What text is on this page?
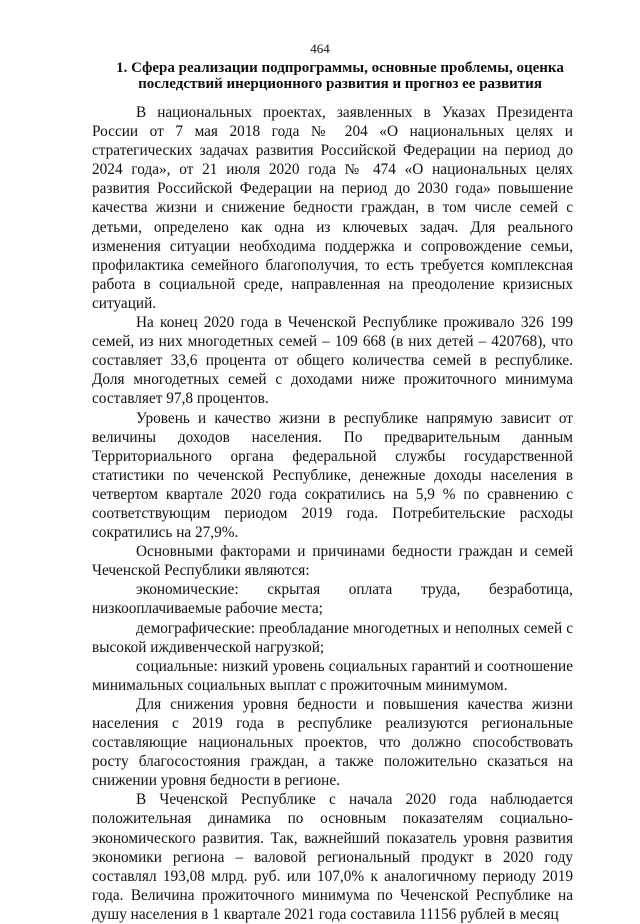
464
1. Сфера реализации подпрограммы, основные проблемы, оценка последствий инерционного развития и прогноз ее развития

В национальных проектах, заявленных в Указах Президента России от 7 мая 2018 года № 204 «О национальных целях и стратегических задачах развития Российской Федерации на период до 2024 года», от 21 июля 2020 года № 474 «О национальных целях развития Российской Федерации на период до 2030 года» повышение качества жизни и снижение бедности граждан, в том числе семей с детьми, определено как одна из ключевых задач. Для реального изменения ситуации необходима поддержка и сопровождение семьи, профилактика семейного благополучия, то есть требуется комплексная работа в социальной среде, направленная на преодоление кризисных ситуаций.

На конец 2020 года в Чеченской Республике проживало 326 199 семей, из них многодетных семей – 109 668 (в них детей – 420768), что составляет 33,6 процента от общего количества семей в республике. Доля многодетных семей с доходами ниже прожиточного минимума составляет 97,8 процентов.

Уровень и качество жизни в республике напрямую зависит от величины доходов населения. По предварительным данным Территориального органа федеральной службы государственной статистики по чеченской Республике, денежные доходы населения в четвертом квартале 2020 года сократились на 5,9 % по сравнению с соответствующим периодом 2019 года. Потребительские расходы сократились на 27,9%.

Основными факторами и причинами бедности граждан и семей Чеченской Республики являются:

экономические: скрытая оплата труда, безработица, низкооплачиваемые рабочие места;

демографические: преобладание многодетных и неполных семей с высокой иждивенческой нагрузкой;

социальные: низкий уровень социальных гарантий и соотношение минимальных социальных выплат с прожиточным минимумом.

Для снижения уровня бедности и повышения качества жизни населения с 2019 года в республике реализуются региональные составляющие национальных проектов, что должно способствовать росту благосостояния граждан, а также положительно сказаться на снижении уровня бедности в регионе.

В Чеченской Республике с начала 2020 года наблюдается положительная динамика по основным показателям социально-экономического развития. Так, важнейший показатель уровня развития экономики региона – валовой региональный продукт в 2020 году составлял 193,08 млрд. руб. или 107,0% к аналогичному периоду 2019 года. Величина прожиточного минимума по Чеченской Республике на душу населения в 1 квартале 2021 года составила 11156 рублей в месяц
